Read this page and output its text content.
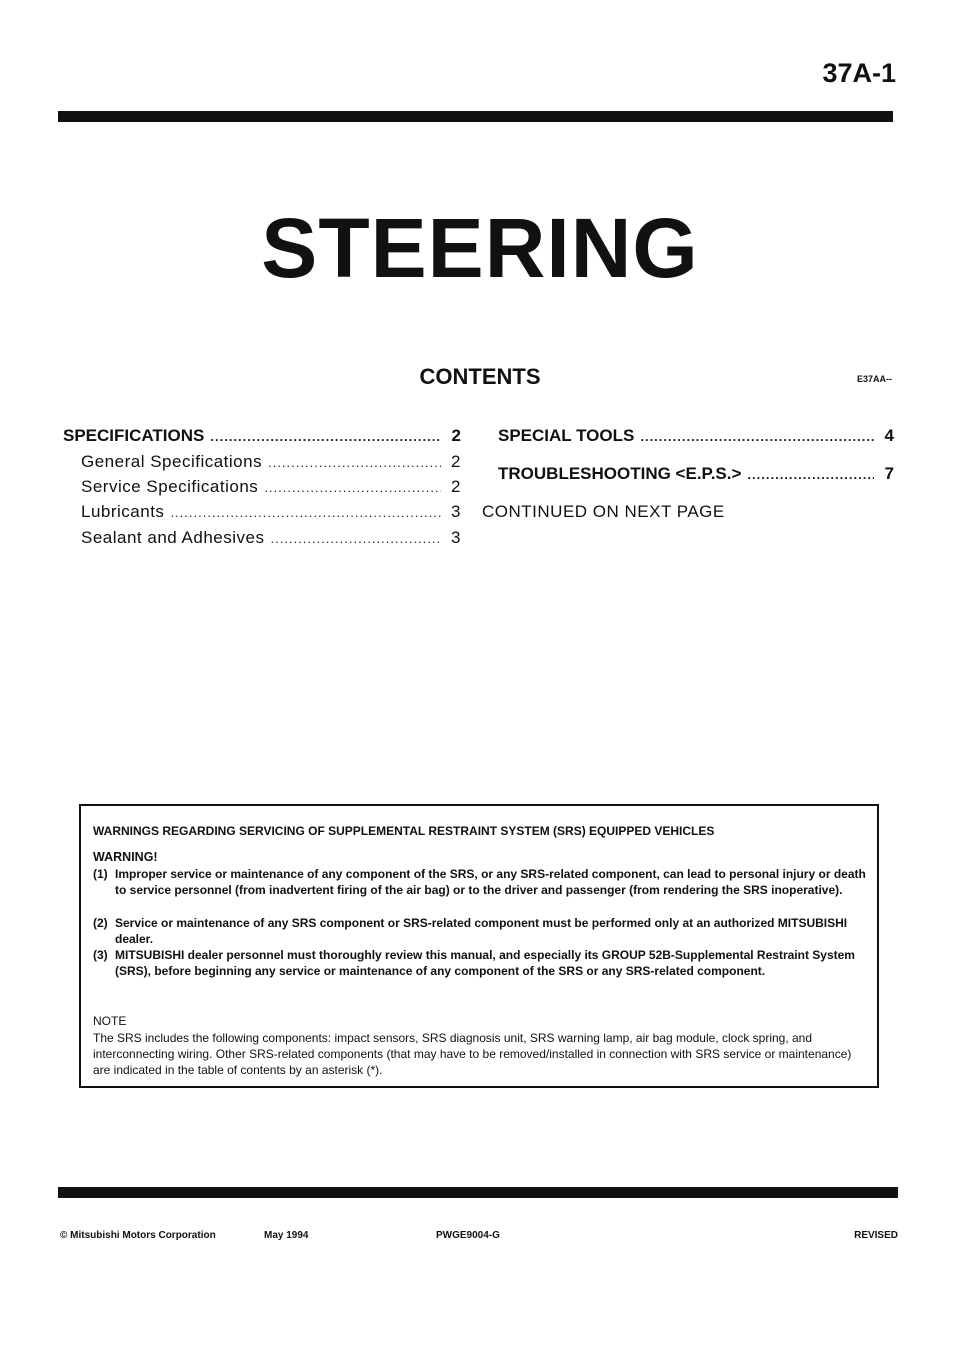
37A-1
STEERING
CONTENTS	E37AA--
SPECIFICATIONS .....	2
General Specifications .....	2
Service Specifications .....	2
Lubricants .....	3
Sealant and Adhesives .....	3
SPECIAL TOOLS .....	4
TROUBLESHOOTING <E.P.S.> .....	7
CONTINUED ON NEXT PAGE
WARNINGS REGARDING SERVICING OF SUPPLEMENTAL RESTRAINT SYSTEM (SRS) EQUIPPED VEHICLES
WARNING!
(1) Improper service or maintenance of any component of the SRS, or any SRS-related component, can lead to personal injury or death to service personnel (from inadvertent firing of the air bag) or to the driver and passenger (from rendering the SRS inoperative).
(2) Service or maintenance of any SRS component or SRS-related component must be performed only at an authorized MITSUBISHI dealer.
(3) MITSUBISHI dealer personnel must thoroughly review this manual, and especially its GROUP 52B-Supplemental Restraint System (SRS), before beginning any service or maintenance of any component of the SRS or any SRS-related component.
NOTE
The SRS includes the following components: impact sensors, SRS diagnosis unit, SRS warning lamp, air bag module, clock spring, and interconnecting wiring. Other SRS-related components (that may have to be removed/installed in connection with SRS service or maintenance) are indicated in the table of contents by an asterisk (*).
© Mitsubishi Motors Corporation	May 1994	PWGE9004-G	REVISED
